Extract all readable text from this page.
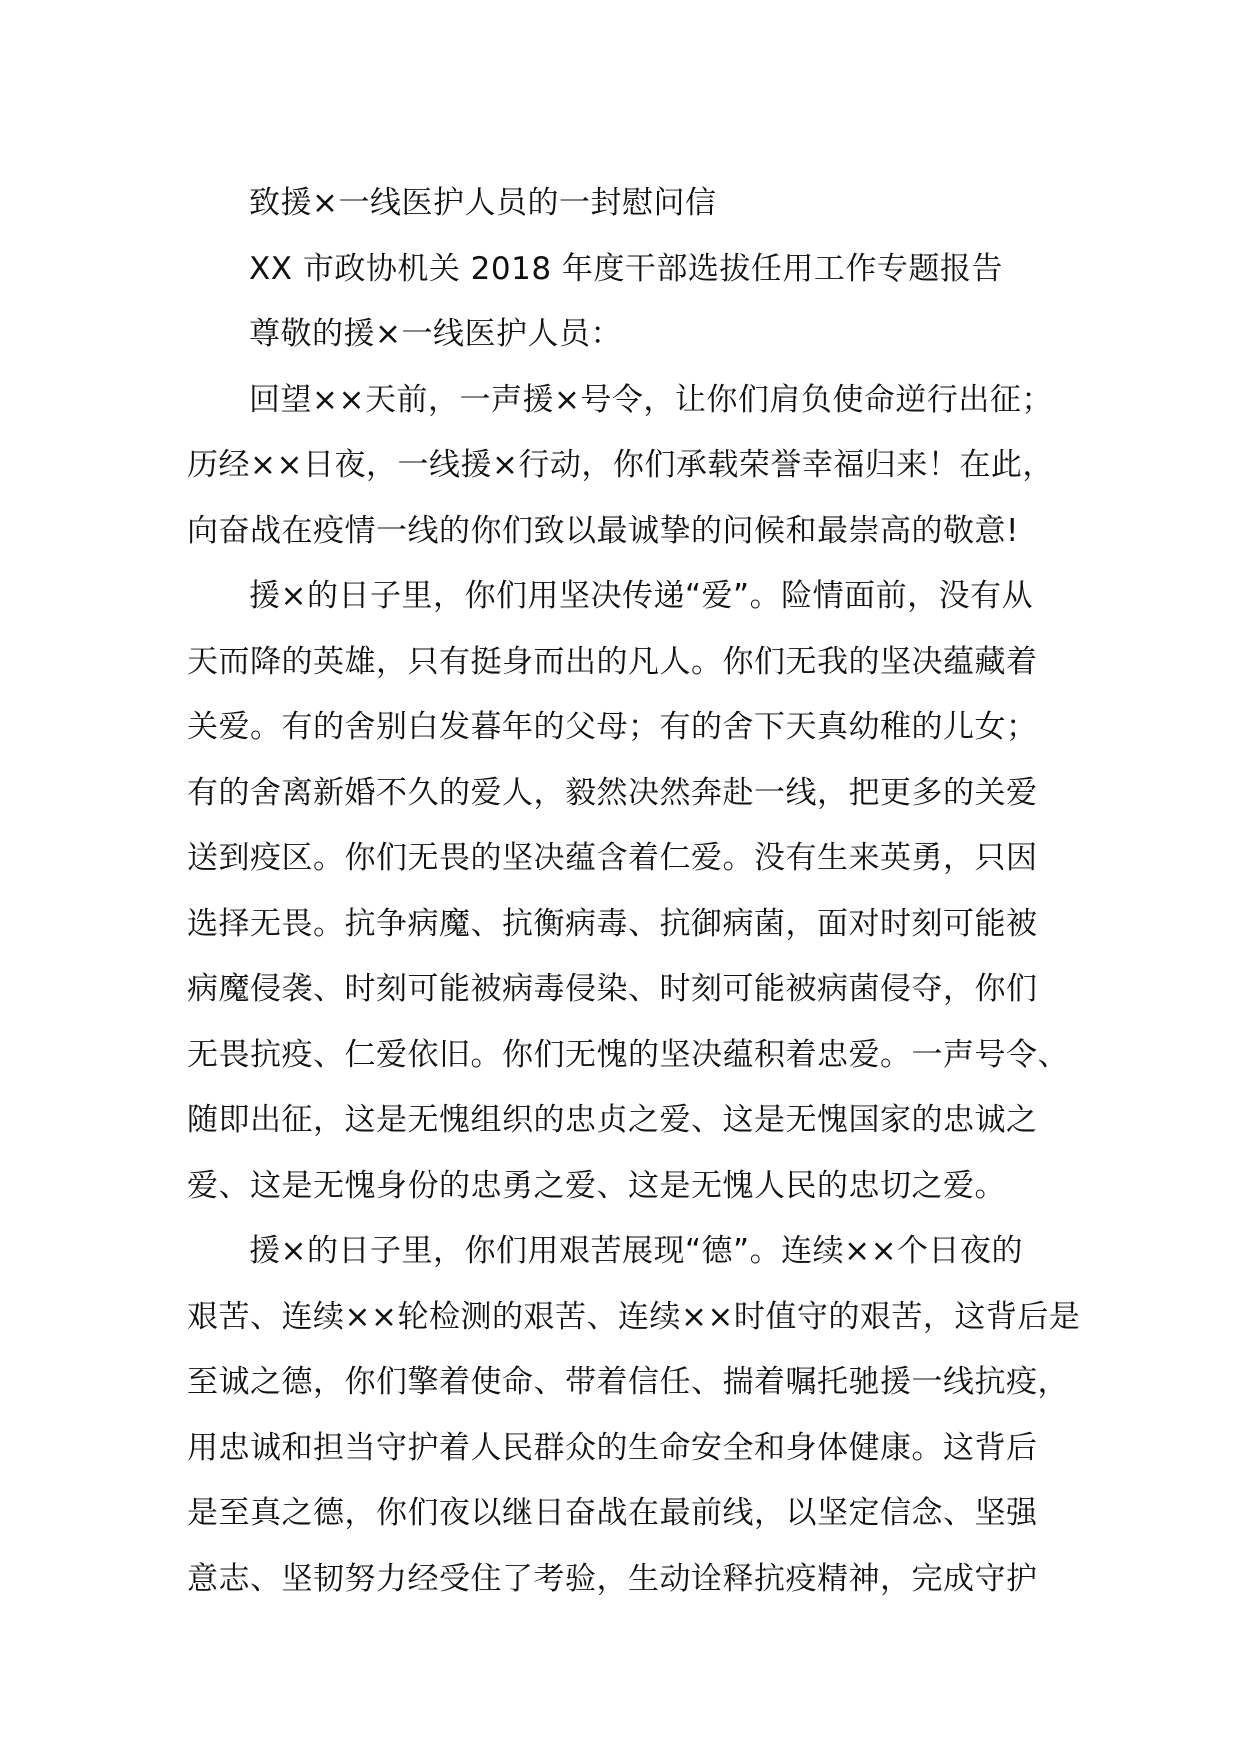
致援×一线医护人员的一封慰问信
XX 市政协机关 2018 年度干部选拔任用工作专题报告
尊敬的援×一线医护人员：
回望××天前，一声援×号令，让你们肩负使命逆行出征；
历经××日夜，一线援×行动，你们承载荣誉幸福归来！在此，
向奋战在疫情一线的你们致以最诚挚的问候和最崇高的敬意!
援×的日子里，你们用坚决传递“爱”。险情面前，没有从
天而降的英雄，只有挺身而出的凡人。你们无我的坚决蕴藏着
关爱。有的舍别白发暮年的父母；有的舍下天真幼稚的儿女；
有的舍离新婚不久的爱人，毅然决然奔赴一线，把更多的关爱
送到疫区。你们无畏的坚决蕴含着仁爱。没有生来英勇，只因
选择无畏。抗争病魔、抗衡病毒、抗御病菌，面对时刻可能被
病魔侵袭、时刻可能被病毒侵染、时刻可能被病菌侵夺，你们
无畏抗疫、仁爱依旧。你们无愧的坚决蕴积着忠爱。一声号令、
随即出征，这是无愧组织的忠贞之爱、这是无愧国家的忠诚之
爱、这是无愧身份的忠勇之爱、这是无愧人民的忠切之爱。
援×的日子里，你们用艰苦展现“德”。连续××个日夜的
艰苦、连续××轮检测的艰苦、连续××时值守的艰苦，这背后是
至诚之德，你们擎着使命、带着信任、揣着嘱托驰援一线抗疫，
用忠诚和担当守护着人民群众的生命安全和身体健康。这背后
是至真之德，你们夜以继日奋战在最前线，以坚定信念、坚强
意志、坚韧努力经受住了考验，生动诠释抗疫精神，完成守护
